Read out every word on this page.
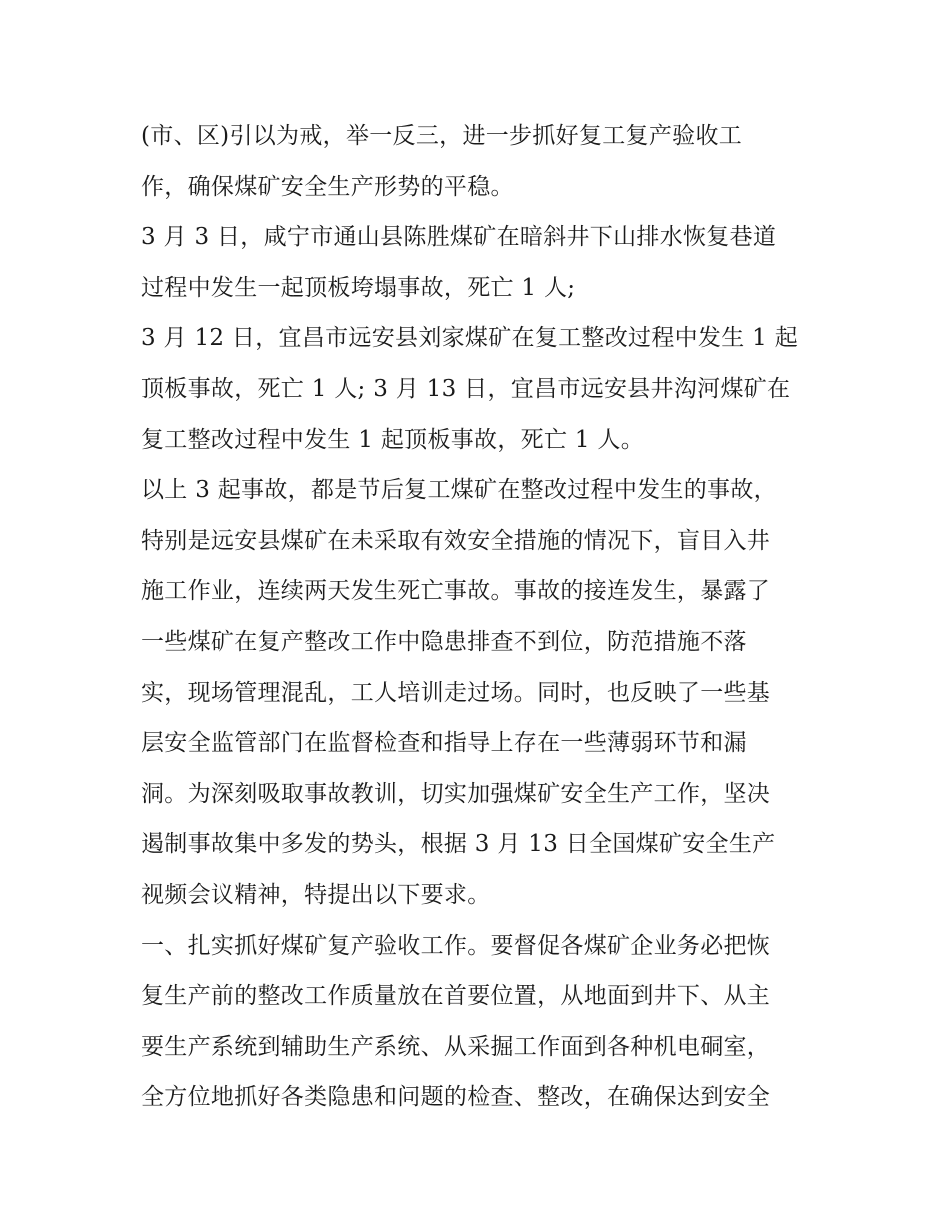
(市、区)引以为戒，举一反三，进一步抓好复工复产验收工
作，确保煤矿安全生产形势的平稳。
3 月 3 日，咸宁市通山县陈胜煤矿在暗斜井下山排水恢复巷道
过程中发生一起顶板垮塌事故，死亡 1 人;
3 月 12 日，宜昌市远安县刘家煤矿在复工整改过程中发生 1 起
顶板事故，死亡 1 人; 3 月 13 日，宜昌市远安县井沟河煤矿在
复工整改过程中发生 1 起顶板事故，死亡 1 人。
以上 3 起事故，都是节后复工煤矿在整改过程中发生的事故，
特别是远安县煤矿在未采取有效安全措施的情况下，盲目入井
施工作业，连续两天发生死亡事故。事故的接连发生，暴露了
一些煤矿在复产整改工作中隐患排查不到位，防范措施不落
实，现场管理混乱，工人培训走过场。同时，也反映了一些基
层安全监管部门在监督检查和指导上存在一些薄弱环节和漏
洞。为深刻吸取事故教训，切实加强煤矿安全生产工作，坚决
遏制事故集中多发的势头，根据 3 月 13 日全国煤矿安全生产
视频会议精神，特提出以下要求。
一、扎实抓好煤矿复产验收工作。要督促各煤矿企业务必把恢
复生产前的整改工作质量放在首要位置，从地面到井下、从主
要生产系统到辅助生产系统、从采掘工作面到各种机电硐室，
全方位地抓好各类隐患和问题的检查、整改，在确保达到安全
